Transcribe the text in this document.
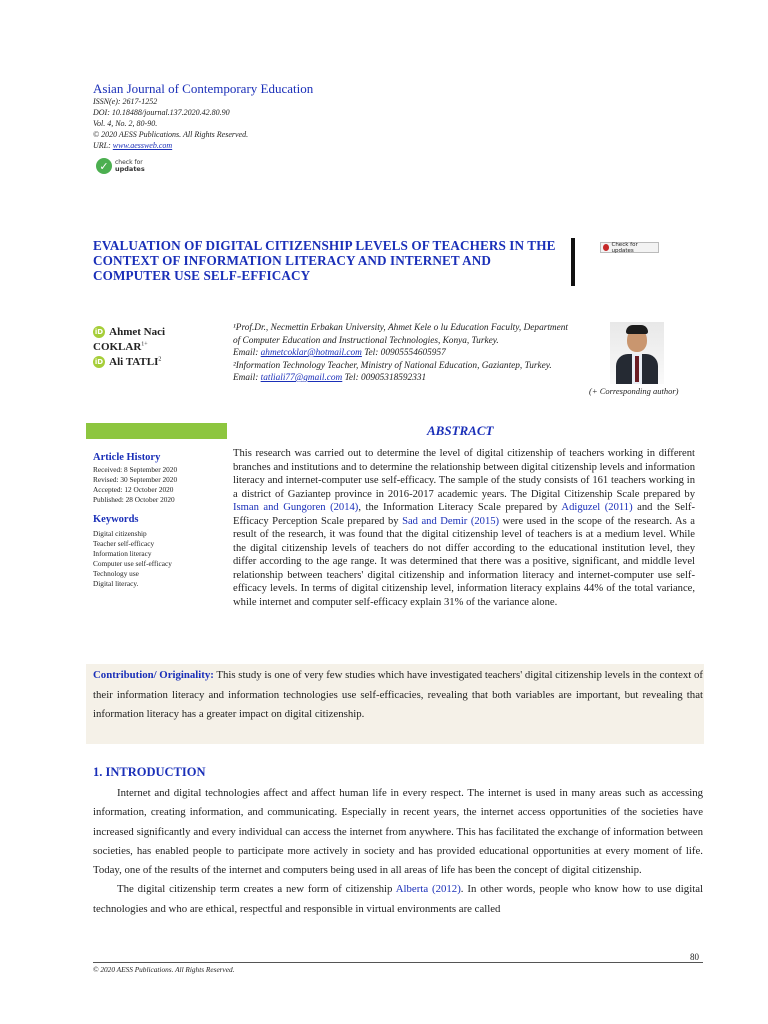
Asian Journal of Contemporary Education
ISSN(e): 2617-1252
DOI: 10.18488/journal.137.2020.42.80.90
Vol. 4, No. 2, 80-90.
© 2020 AESS Publications. All Rights Reserved.
URL: www.aessweb.com
✓	check for
updates
EVALUATION OF DIGITAL CITIZENSHIP LEVELS OF TEACHERS IN THE CONTEXT OF INFORMATION LITERACY AND INTERNET AND COMPUTER USE SELF-EFFICACY
Check for updates
iD Ahmet Naci
$COKLAR^{1+}$
iD Ali TATLI$^2$
¹Prof.Dr., Necmettin Erbakan University, Ahmet Kele o lu Education Faculty, Department of Computer Education and Instructional Technologies, Konya, Turkey.
Email: ahmetcoklar@hotmail.com Tel: 00905554605957
²Information Technology Teacher, Ministry of National Education, Gaziantep, Turkey.
Email: tatliali77@gmail.com Tel: 00905318592331
(+ Corresponding author)
ABSTRACT
Article History
Received: 8 September 2020
Revised: 30 September 2020
Accepted: 12 October 2020
Published: 28 October 2020
Keywords
Digital citizenship
Teacher self-efficacy
Information literacy
Computer use self-efficacy
Technology use
Digital literacy.
This research was carried out to determine the level of digital citizenship of teachers working in different branches and institutions and to determine the relationship between digital citizenship levels and information literacy and internet-computer use self-efficacy. The sample of the study consists of 161 teachers working in a district of Gaziantep province in 2016-2017 academic years. The Digital Citizenship Scale prepared by Isman and Gungoren (2014), the Information Literacy Scale prepared by Adiguzel (2011) and the Self-Efficacy Perception Scale prepared by Sad and Demir (2015) were used in the scope of the research. As a result of the research, it was found that the digital citizenship level of teachers is at a medium level. While the digital citizenship levels of teachers do not differ according to the educational institution level, they differ according to the age range. It was determined that there was a positive, significant, and middle level relationship between teachers' digital citizenship and information literacy and internet-computer use self-efficacy levels. In terms of digital citizenship level, information literacy explains 44% of the total variance, while internet and computer self-efficacy explain 31% of the variance alone.
Contribution/ Originality: This study is one of very few studies which have investigated teachers' digital citizenship levels in the context of their information literacy and information technologies use self-efficacies, revealing that both variables are important, but revealing that information literacy has a greater impact on digital citizenship.
1. INTRODUCTION

Internet and digital technologies affect and affect human life in every respect. The internet is used in many areas such as accessing information, creating information, and communicating. Especially in recent years, the internet access opportunities of the societies have increased significantly and every individual can access the internet from anywhere. This has facilitated the exchange of information between societies, has enabled people to participate more actively in society and has provided educational opportunities at every moment of life. Today, one of the results of the internet and computers being used in all areas of life has been the concept of digital citizenship.

The digital citizenship term creates a new form of citizenship Alberta (2012). In other words, people who know how to use digital technologies and who are ethical, respectful and responsible in virtual environments are called

80
© 2020 AESS Publications. All Rights Reserved.
